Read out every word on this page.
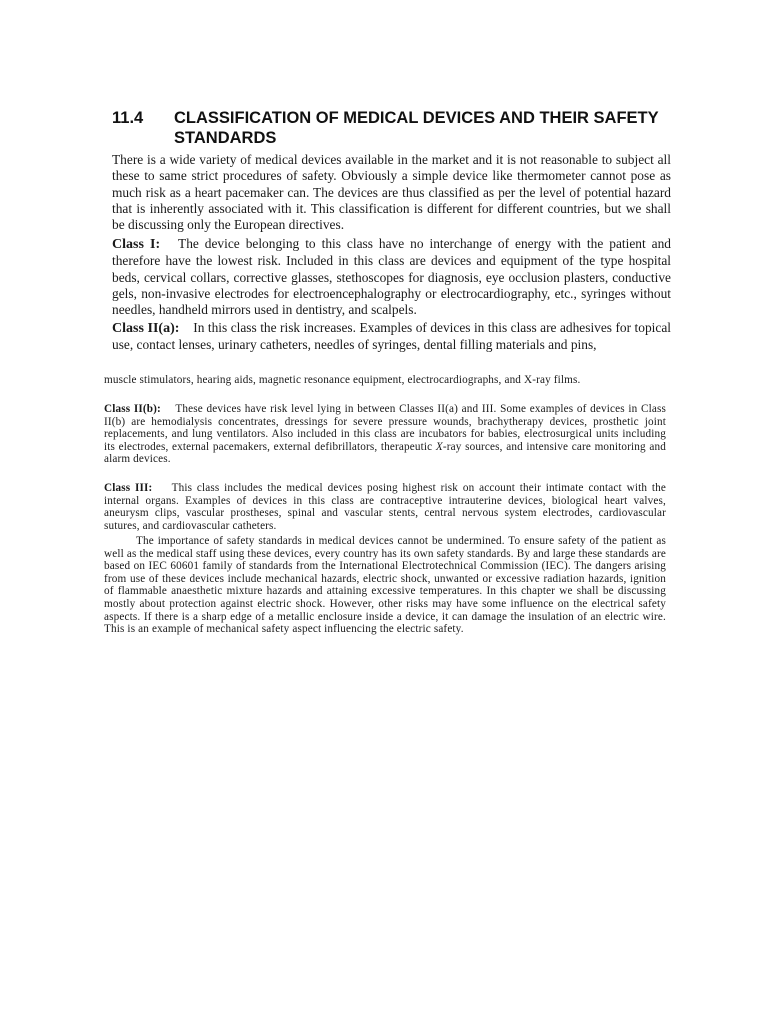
11.4 CLASSIFICATION OF MEDICAL DEVICES AND THEIR SAFETY
STANDARDS

There is a wide variety of medical devices available in the market and it is not reasonable to subject all these to same strict procedures of safety. Obviously a simple device like thermometer cannot pose as much risk as a heart pacemaker can. The devices are thus classified as per the level of potential hazard that is inherently associated with it. This classification is different for different countries, but we shall be discussing only the European directives.

Class I: The device belonging to this class have no interchange of energy with the patient and therefore have the lowest risk. Included in this class are devices and equipment of the type hospital beds, cervical collars, corrective glasses, stethoscopes for diagnosis, eye occlusion plasters, conductive gels, non-invasive electrodes for electroencephalography or electrocardiography, etc., syringes without needles, handheld mirrors used in dentistry, and scalpels.

Class II(a): In this class the risk increases. Examples of devices in this class are adhesives for topical use, contact lenses, urinary catheters, needles of syringes, dental filling materials and pins,

muscle stimulators, hearing aids, magnetic resonance equipment, electrocardiographs, and X-ray films.

Class II(b): These devices have risk level lying in between Classes II(a) and III. Some examples of devices in Class II(b) are hemodialysis concentrates, dressings for severe pressure wounds, brachytherapy devices, prosthetic joint replacements, and lung ventilators. Also included in this class are incubators for babies, electrosurgical units including its electrodes, external pacemakers, external defibrillators, therapeutic X-ray sources, and intensive care monitoring and alarm devices.

Class III: This class includes the medical devices posing highest risk on account their intimate contact with the internal organs. Examples of devices in this class are contraceptive intrauterine devices, biological heart valves, aneurysm clips, vascular prostheses, spinal and vascular stents, central nervous system electrodes, cardiovascular sutures, and cardiovascular catheters.

The importance of safety standards in medical devices cannot be undermined. To ensure safety of the patient as well as the medical staff using these devices, every country has its own safety standards. By and large these standards are based on IEC 60601 family of standards from the International Electrotechnical Commission (IEC). The dangers arising from use of these devices include mechanical hazards, electric shock, unwanted or excessive radiation hazards, ignition of flammable anaesthetic mixture hazards and attaining excessive temperatures. In this chapter we shall be discussing mostly about protection against electric shock. However, other risks may have some influence on the electrical safety aspects. If there is a sharp edge of a metallic enclosure inside a device, it can damage the insulation of an electric wire. This is an example of mechanical safety aspect influencing the electric safety.
